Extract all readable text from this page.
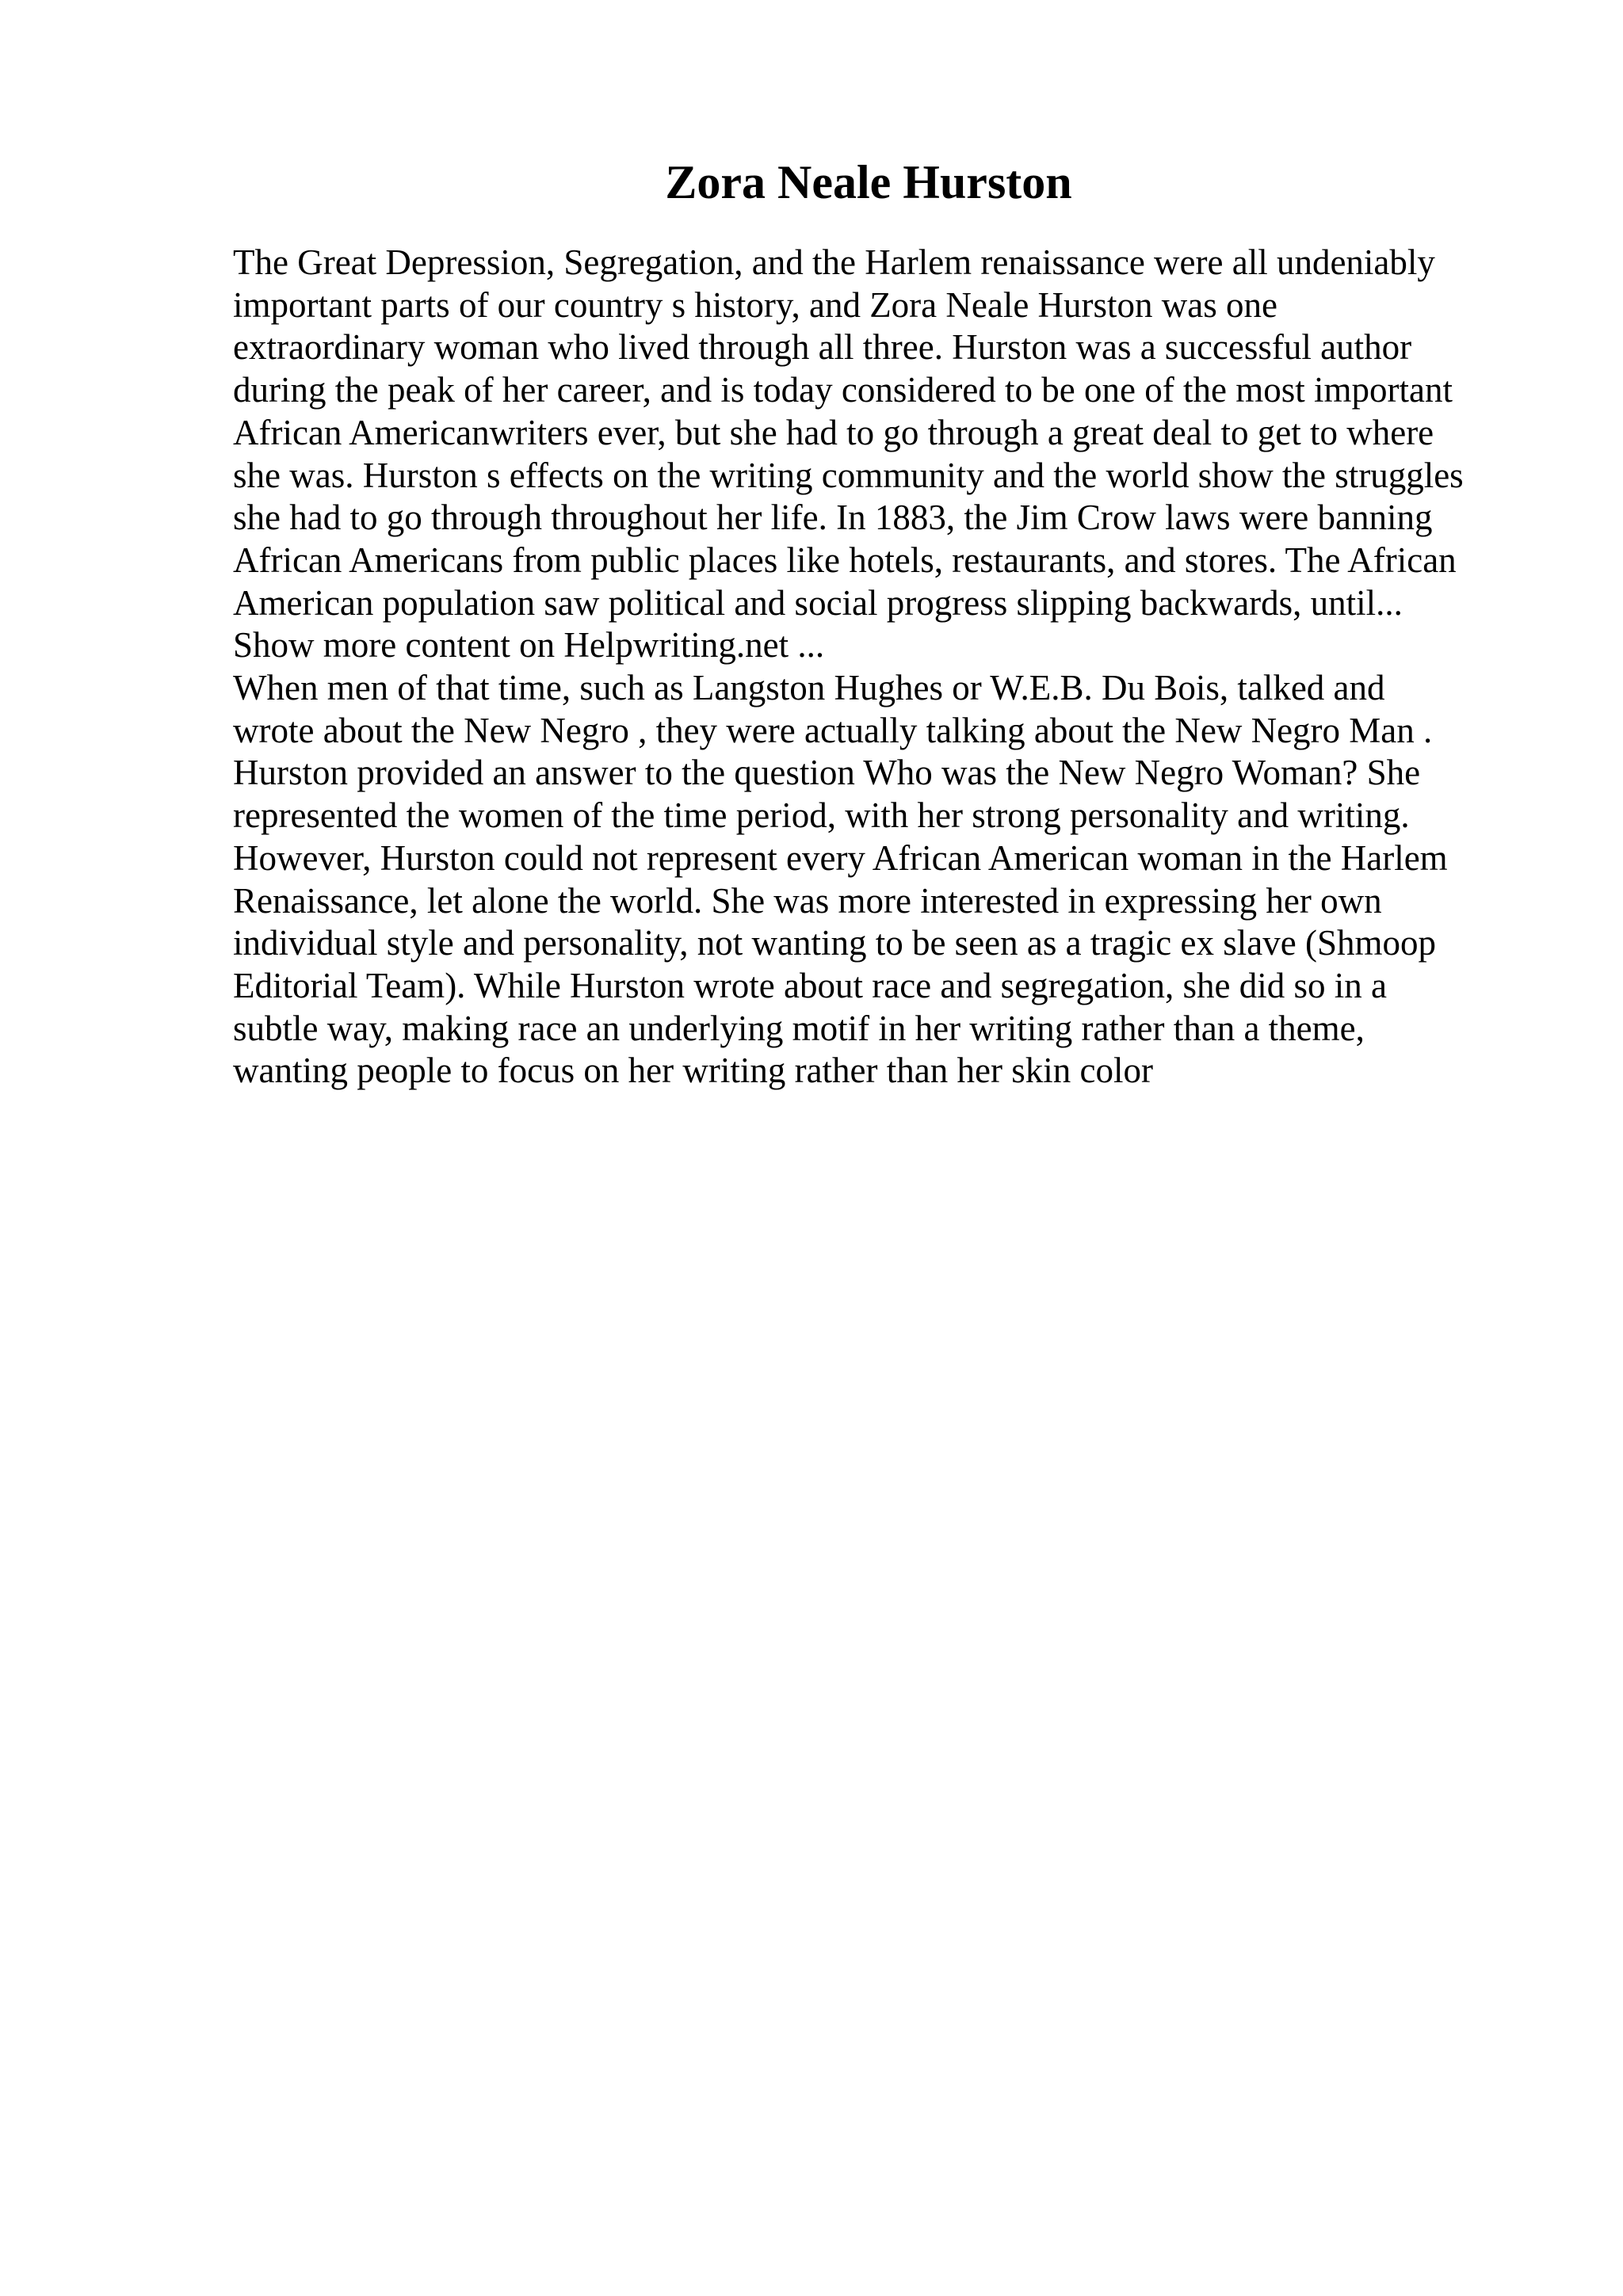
Zora Neale Hurston
The Great Depression, Segregation, and the Harlem renaissance were all undeniably
important parts of our country s history, and Zora Neale Hurston was one
extraordinary woman who lived through all three. Hurston was a successful author
during the peak of her career, and is today considered to be one of the most important
African Americanwriters ever, but she had to go through a great deal to get to where
she was. Hurston s effects on the writing community and the world show the struggles
she had to go through throughout her life. In 1883, the Jim Crow laws were banning
African Americans from public places like hotels, restaurants, and stores. The African
American population saw political and social progress slipping backwards, until...
Show more content on Helpwriting.net ...
When men of that time, such as Langston Hughes or W.E.B. Du Bois, talked and
wrote about the New Negro , they were actually talking about the New Negro Man .
Hurston provided an answer to the question Who was the New Negro Woman? She
represented the women of the time period, with her strong personality and writing.
However, Hurston could not represent every African American woman in the Harlem
Renaissance, let alone the world. She was more interested in expressing her own
individual style and personality, not wanting to be seen as a tragic ex slave (Shmoop
Editorial Team). While Hurston wrote about race and segregation, she did so in a
subtle way, making race an underlying motif in her writing rather than a theme,
wanting people to focus on her writing rather than her skin color
